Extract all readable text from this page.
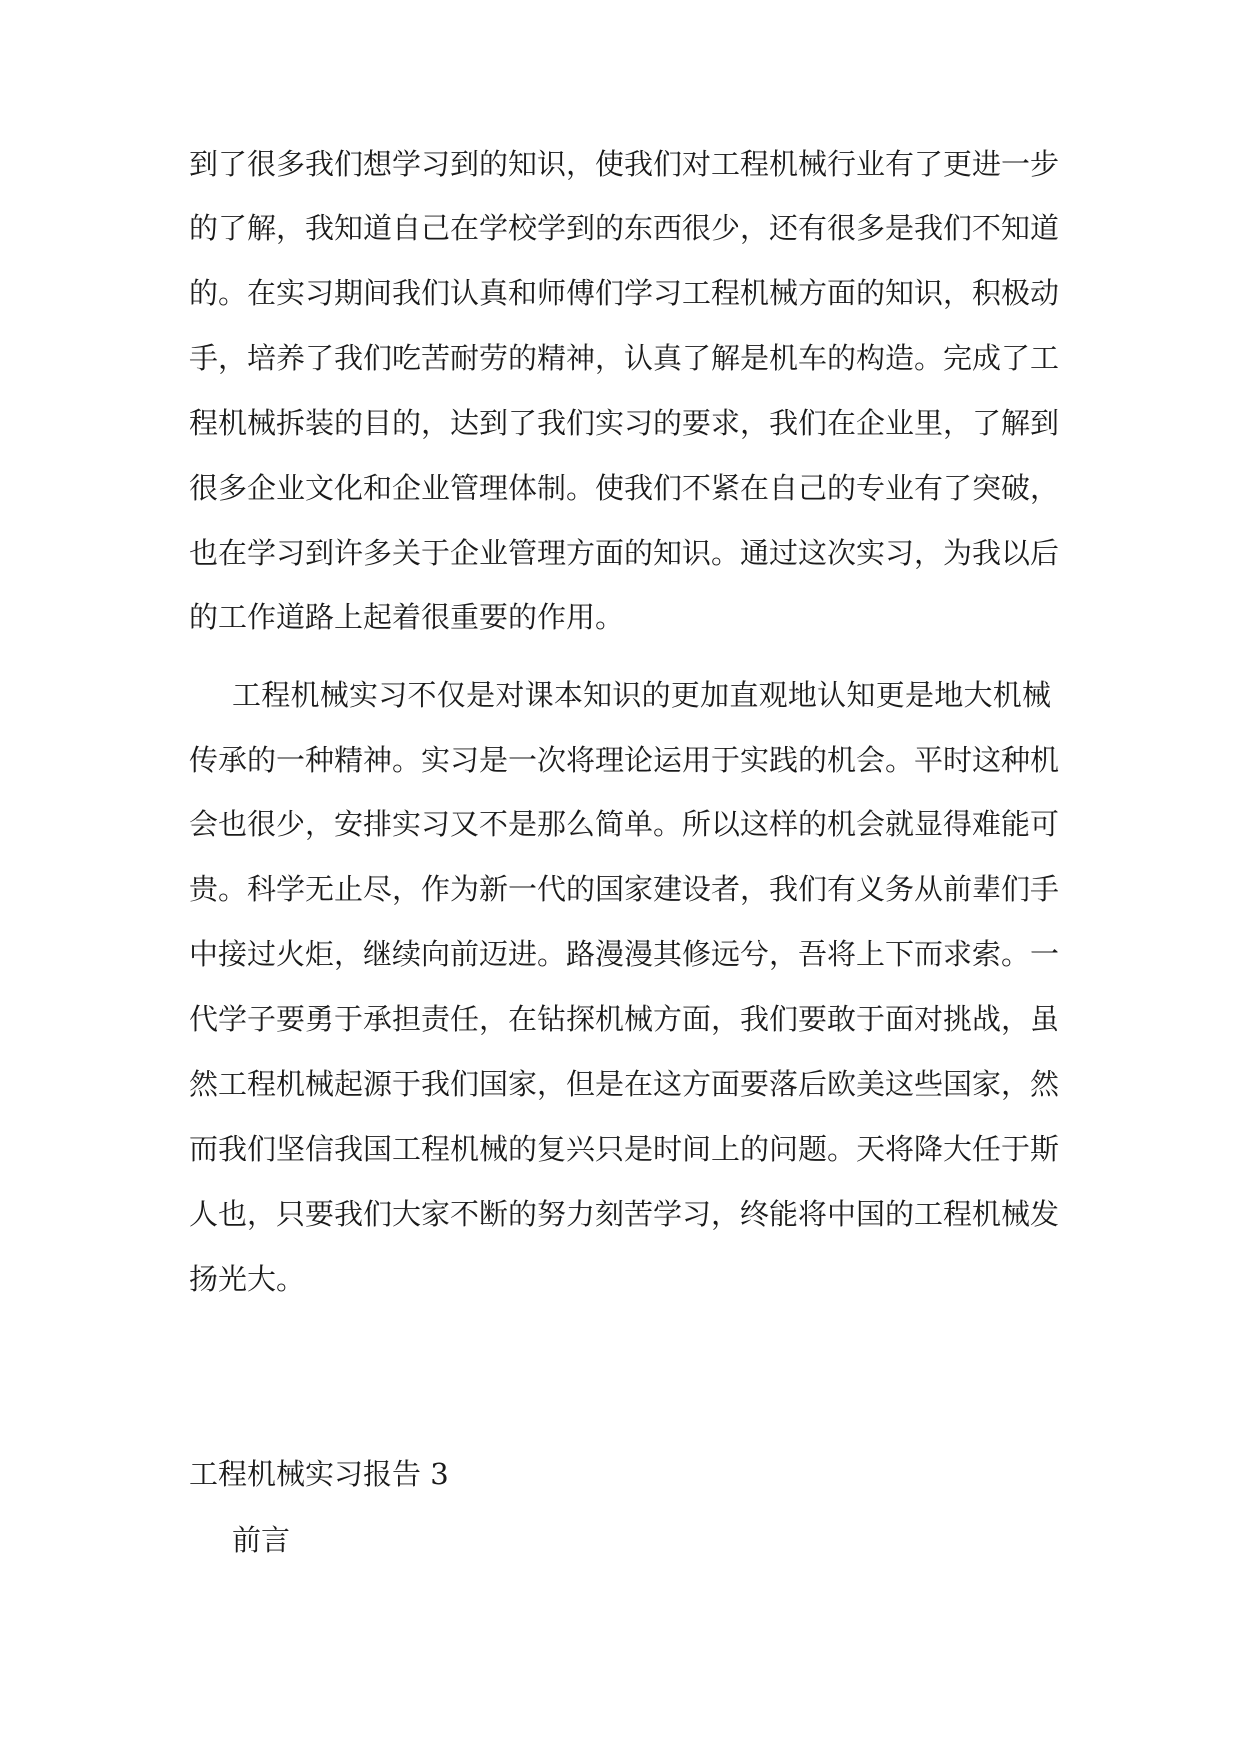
到了很多我们想学习到的知识，使我们对工程机械行业有了更进一步
的了解，我知道自己在学校学到的东西很少，还有很多是我们不知道
的。在实习期间我们认真和师傅们学习工程机械方面的知识，积极动
手，培养了我们吃苦耐劳的精神，认真了解是机车的构造。完成了工
程机械拆装的目的，达到了我们实习的要求，我们在企业里，了解到
很多企业文化和企业管理体制。使我们不紧在自己的专业有了突破，
也在学习到许多关于企业管理方面的知识。通过这次实习，为我以后
的工作道路上起着很重要的作用。
工程机械实习不仅是对课本知识的更加直观地认知更是地大机械
传承的一种精神。实习是一次将理论运用于实践的机会。平时这种机
会也很少，安排实习又不是那么简单。所以这样的机会就显得难能可
贵。科学无止尽，作为新一代的国家建设者，我们有义务从前辈们手
中接过火炬，继续向前迈进。路漫漫其修远兮，吾将上下而求索。一
代学子要勇于承担责任，在钻探机械方面，我们要敢于面对挑战，虽
然工程机械起源于我们国家，但是在这方面要落后欧美这些国家，然
而我们坚信我国工程机械的复兴只是时间上的问题。天将降大任于斯
人也，只要我们大家不断的努力刻苦学习，终能将中国的工程机械发
扬光大。
工程机械实习报告 3
前言
